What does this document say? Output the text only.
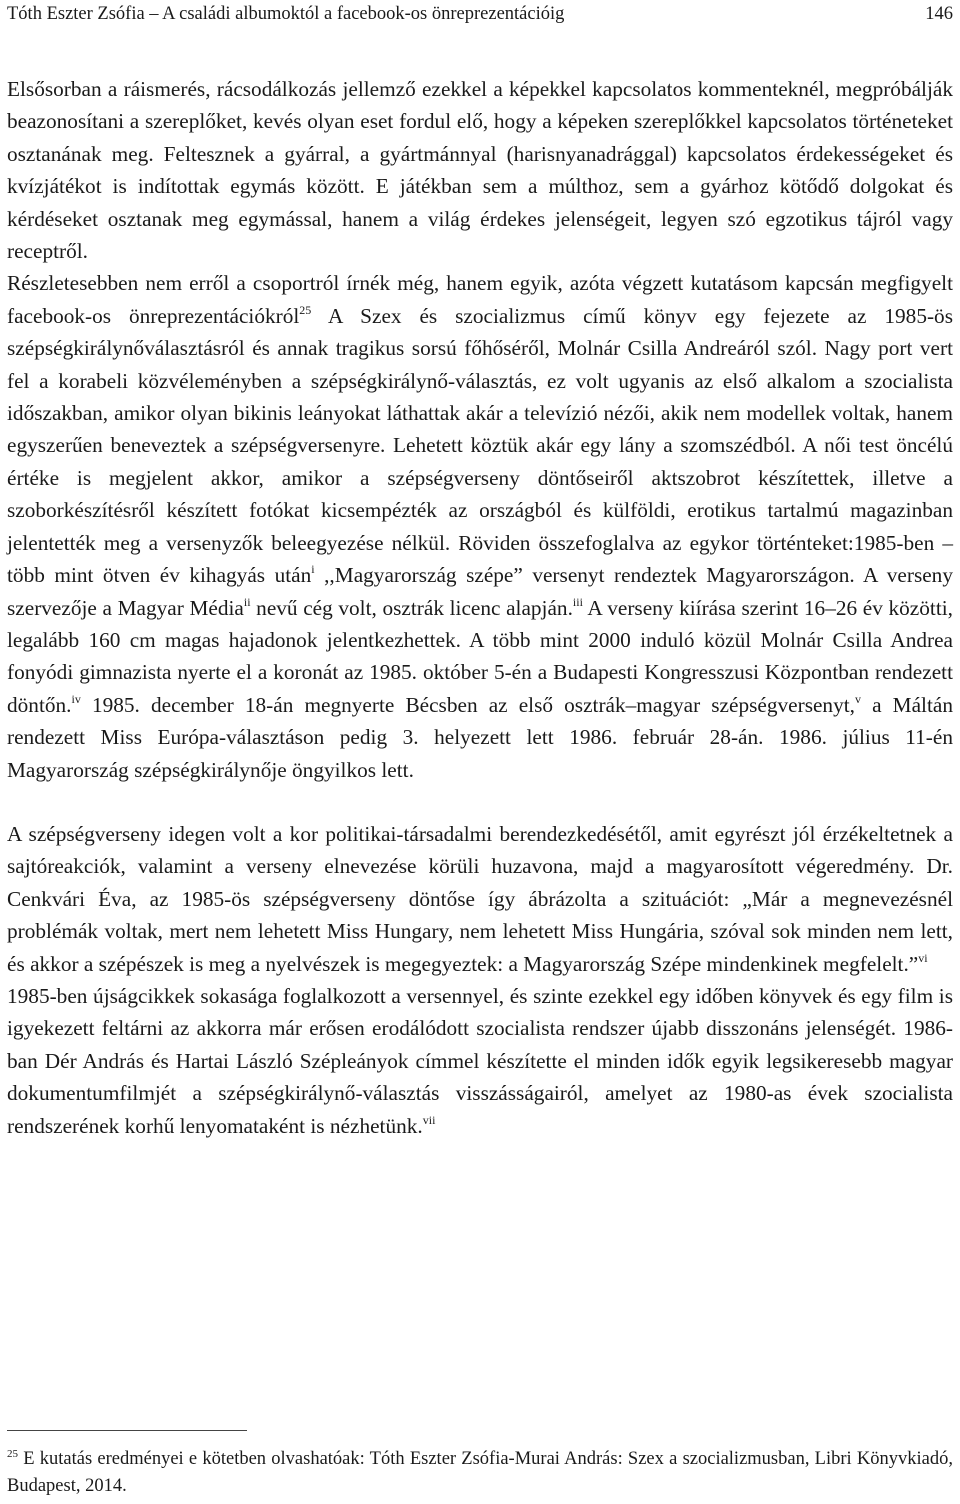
Tóth Eszter Zsófia – A családi albumoktól a facebook-os önreprezentációig	146

Elsősorban a ráismerés, rácsodálkozás jellemző ezekkel a képekkel kapcsolatos kommenteknél, megpróbálják beazonosítani a szereplőket, kevés olyan eset fordul elő, hogy a képeken szereplőkkel kapcsolatos történeteket osztanának meg. Feltesznek a gyárral, a gyártmánnyal (harisnyanadrággal) kapcsolatos érdekességeket és kvízjátékot is indítottak egymás között. E játékban sem a múlthoz, sem a gyárhoz kötődő dolgokat és kérdéseket osztanak meg egymással, hanem a világ érdekes jelenségeit, legyen szó egzotikus tájról vagy receptről.

Részletesebben nem erről a csoportról írnék még, hanem egyik, azóta végzett kutatásom kapcsán megfigyelt facebook-os önreprezentációkról$^{25}$ A Szex és szocializmus című könyv egy fejezete az 1985-ös szépségkirálynőválasztásról és annak tragikus sorsú főhőséről, Molnár Csilla Andreáról szól. Nagy port vert fel a korabeli közvéleményben a szépségkirálynő-választás, ez volt ugyanis az első alkalom a szocialista időszakban, amikor olyan bikinis leányokat láthattak akár a televízió nézői, akik nem modellek voltak, hanem egyszerűen beneveztek a szépségversenyre. Lehetett köztük akár egy lány a szomszédból. A női test öncélú értéke is megjelent akkor, amikor a szépségverseny döntőseiről aktszobrot készítettek, illetve a szoborkészítésről készített fotókat kicsempézték az országból és külföldi, erotikus tartalmú magazinban jelentették meg a versenyzők beleegyezése nélkül. Röviden összefoglalva az egykor történteket:1985-ben – több mint ötven év kihagyás után$^i$ ,,Magyarország szépe” versenyt rendeztek Magyarországon. A verseny szervezője a Magyar Média$^{ii}$ nevű cég volt, osztrák licenc alapján.$^{iii}$ A verseny kiírása szerint 16–26 év közötti, legalább 160 cm magas hajadonok jelentkezhettek. A több mint 2000 induló közül Molnár Csilla Andrea fonyódi gimnazista nyerte el a koronát az 1985. október 5-én a Budapesti Kongresszusi Központban rendezett döntőn.$^{iv}$ 1985. december 18-án megnyerte Bécsben az első osztrák–magyar szépségversenyt,$^v$ a Máltán rendezett Miss Európa-választáson pedig 3. helyezett lett 1986. február 28-án. 1986. július 11-én Magyarország szépségkirálynője öngyilkos lett.

A szépségverseny idegen volt a kor politikai-társadalmi berendezkedésétől, amit egyrészt jól érzékeltetnek a sajtóreakciók, valamint a verseny elnevezése körüli huzavona, majd a magyarosított végeredmény. Dr. Cenkvári Éva, az 1985-ös szépségverseny döntőse így ábrázolta a szituációt: „Már a megnevezésnél problémák voltak, mert nem lehetett Miss Hungary, nem lehetett Miss Hungária, szóval sok minden nem lett, és akkor a szépészek is meg a nyelvészek is megegyeztek: a Magyarország Szépe mindenkinek megfelelt.”$^{vi}$

1985-ben újságcikkek sokasága foglalkozott a versennyel, és szinte ezekkel egy időben könyvek és egy film is igyekezett feltárni az akkorra már erősen erodálódott szocialista rendszer újabb disszonáns jelenségét. 1986-ban Dér András és Hartai László Szépleányok címmel készítette el minden idők egyik legsikeresebb magyar dokumentumfilmjét a szépségkirálynő-választás visszásságairól, amelyet az 1980-as évek szocialista rendszerének korhű lenyomataként is nézhetünk.$^{vii}$

$^{25}$ E kutatás eredményei e kötetben olvashatóak: Tóth Eszter Zsófia-Murai András: Szex a szocializmusban, Libri Könyvkiadó, Budapest, 2014.
